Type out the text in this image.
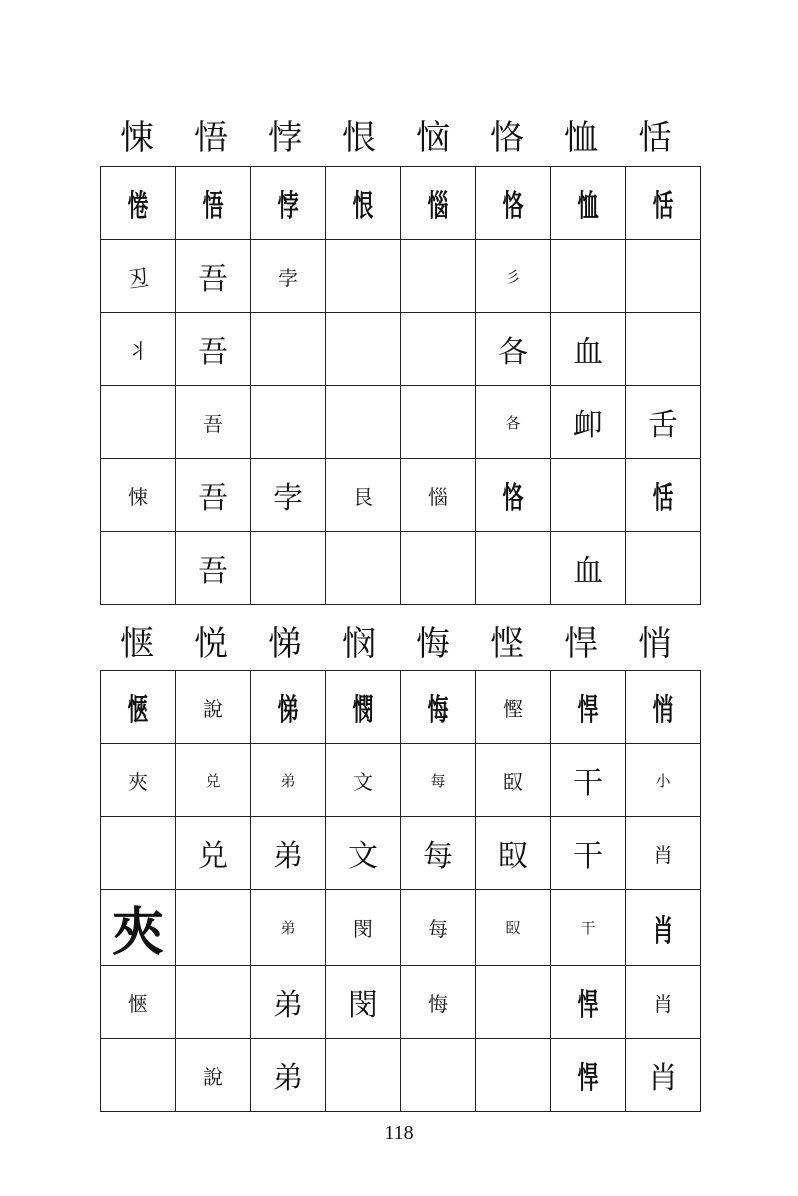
悚	悟	悖	恨	恼	恪	恤	恬
惓	悟	悖	恨	惱	恪	恤	恬
丒	吾	孛			彡		
丬	吾				各	血	
	吾				各	卹	舌
悚	吾	孛	艮	惱	恪		恬
	吾					血	
惬	悦	悌	悯	悔	悭	悍	悄
愜	說	悌	憫	悔	慳	悍	悄
夾	兑	弟	文	每	臤	干	小
	兑	弟	文	每	臤	干	肖
夾		弟	閔	每	臤	干	肖
愜		弟	閔	悔		悍	肖
	說	弟				悍	肖
118
